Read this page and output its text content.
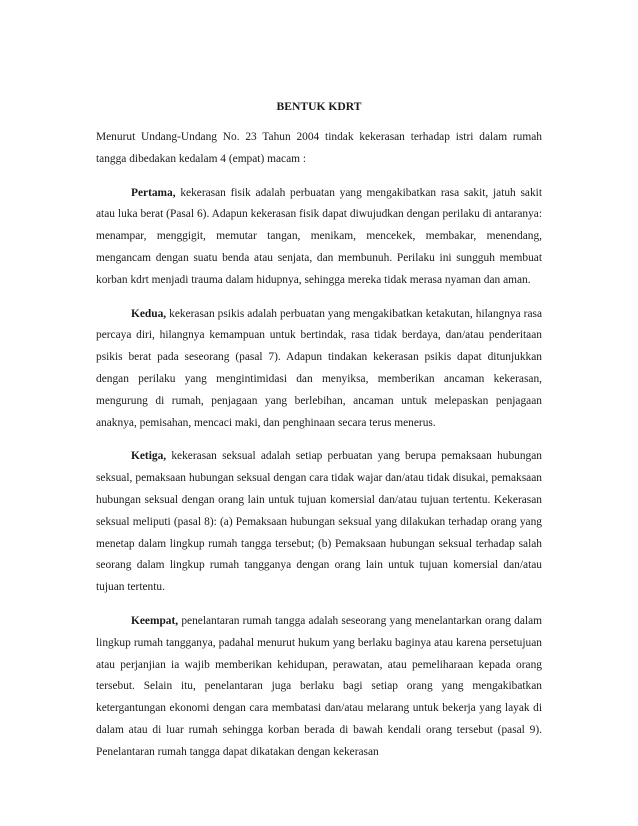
BENTUK KDRT

Menurut Undang-Undang No. 23 Tahun 2004 tindak kekerasan terhadap istri dalam rumah tangga dibedakan kedalam 4 (empat) macam :

Pertama, kekerasan fisik adalah perbuatan yang mengakibatkan rasa sakit, jatuh sakit atau luka berat (Pasal 6). Adapun kekerasan fisik dapat diwujudkan dengan perilaku di antaranya: menampar, menggigit, memutar tangan, menikam, mencekek, membakar, menendang, mengancam dengan suatu benda atau senjata, dan membunuh. Perilaku ini sungguh membuat korban kdrt menjadi trauma dalam hidupnya, sehingga mereka tidak merasa nyaman dan aman.

Kedua, kekerasan psikis adalah perbuatan yang mengakibatkan ketakutan, hilangnya rasa percaya diri, hilangnya kemampuan untuk bertindak, rasa tidak berdaya, dan/atau penderitaan psikis berat pada seseorang (pasal 7). Adapun tindakan kekerasan psikis dapat ditunjukkan dengan perilaku yang mengintimidasi dan menyiksa, memberikan ancaman kekerasan, mengurung di rumah, penjagaan yang berlebihan, ancaman untuk melepaskan penjagaan anaknya, pemisahan, mencaci maki, dan penghinaan secara terus menerus.

Ketiga, kekerasan seksual adalah setiap perbuatan yang berupa pemaksaan hubungan seksual, pemaksaan hubungan seksual dengan cara tidak wajar dan/atau tidak disukai, pemaksaan hubungan seksual dengan orang lain untuk tujuan komersial dan/atau tujuan tertentu. Kekerasan seksual meliputi (pasal 8): (a) Pemaksaan hubungan seksual yang dilakukan terhadap orang yang menetap dalam lingkup rumah tangga tersebut; (b) Pemaksaan hubungan seksual terhadap salah seorang dalam lingkup rumah tangganya dengan orang lain untuk tujuan komersial dan/atau tujuan tertentu.

Keempat, penelantaran rumah tangga adalah seseorang yang menelantarkan orang dalam lingkup rumah tangganya, padahal menurut hukum yang berlaku baginya atau karena persetujuan atau perjanjian ia wajib memberikan kehidupan, perawatan, atau pemeliharaan kepada orang tersebut. Selain itu, penelantaran juga berlaku bagi setiap orang yang mengakibatkan ketergantungan ekonomi dengan cara membatasi dan/atau melarang untuk bekerja yang layak di dalam atau di luar rumah sehingga korban berada di bawah kendali orang tersebut (pasal 9). Penelantaran rumah tangga dapat dikatakan dengan kekerasan
